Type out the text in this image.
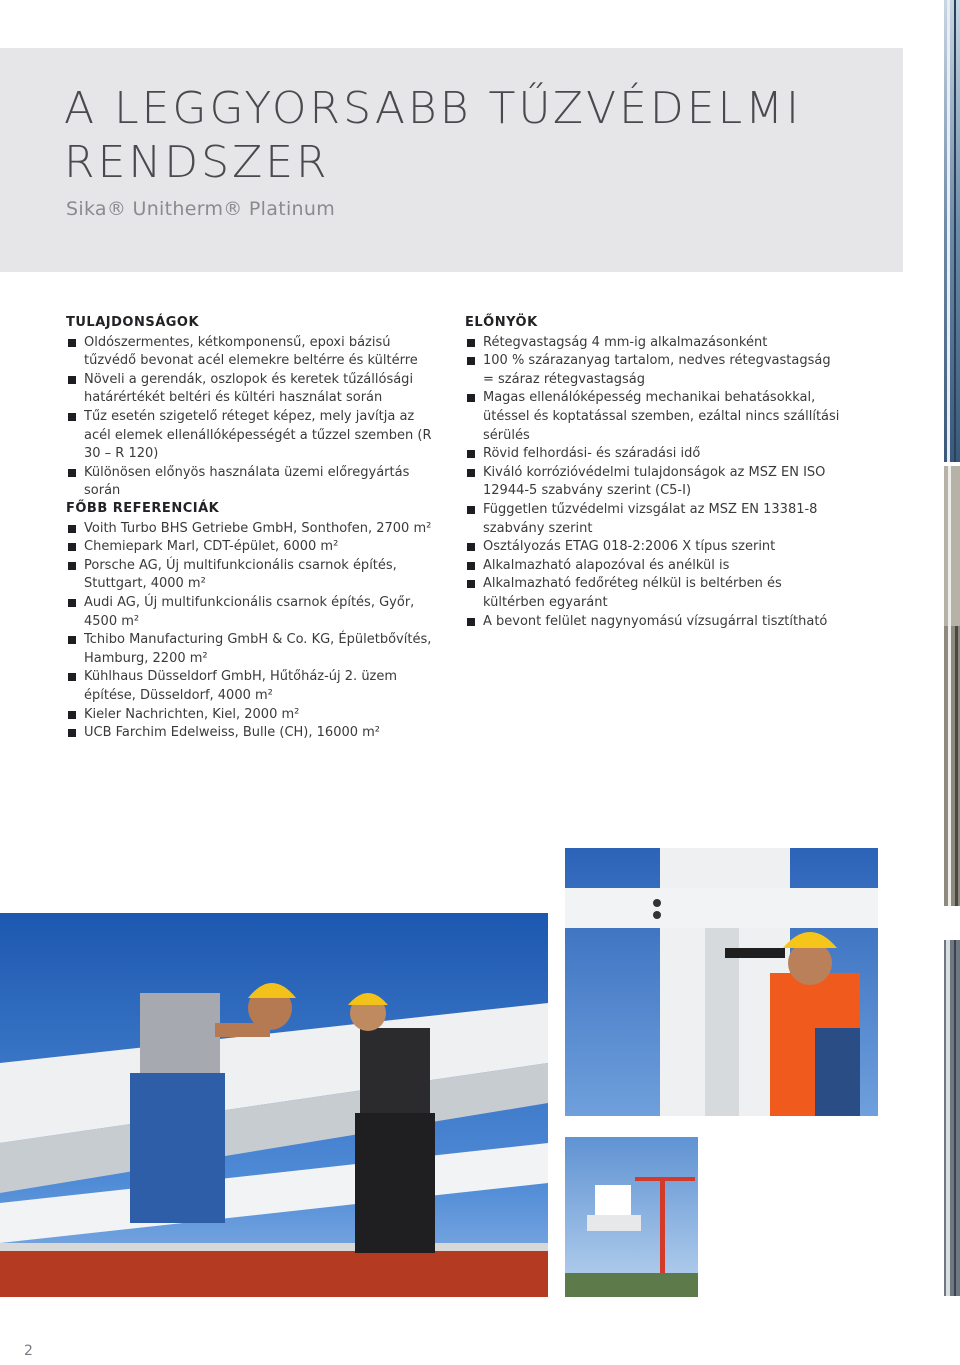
A LEGGYORSABB TŰZVÉDELMI
RENDSZER

Sika® Unitherm® Platinum

TULAJDONSÁGOK
Oldószermentes, kétkomponensű, epoxi bázisú tűzvédő bevonat acél elemekre beltérre és kültérre
Növeli a gerendák, oszlopok és keretek tűzállósági határértékét beltéri és kültéri használat során
Tűz esetén szigetelő réteget képez, mely javítja az acél elemek ellenállóképességét a tűzzel szemben (R 30 – R 120)
Különösen előnyös használata üzemi előregyártás során
FŐBB REFERENCIÁK
Voith Turbo BHS Getriebe GmbH, Sonthofen, 2700 m²
Chemiepark Marl, CDT-épület, 6000 m²
Porsche AG, Új multifunkcionális csarnok építés, Stuttgart, 4000 m²
Audi AG, Új multifunkcionális csarnok építés, Győr, 4500 m²
Tchibo Manufacturing GmbH & Co. KG, Épületbővítés, Hamburg, 2200 m²
Kühlhaus Düsseldorf GmbH, Hűtőház-új 2. üzem építése, Düsseldorf, 4000 m²
Kieler Nachrichten, Kiel, 2000 m²
UCB Farchim Edelweiss, Bulle (CH), 16000 m²
ELŐNYÖK
Rétegvastagság 4 mm-ig alkalmazásonként
100 % szárazanyag tartalom, nedves rétegvastagság = száraz rétegvastagság
Magas ellenálóképesség mechanikai behatásokkal, ütéssel és koptatással szemben, ezáltal nincs szállítási sérülés
Rövid felhordási- és száradási idő
Kiváló korrózióvédelmi tulajdonságok az MSZ EN ISO 12944-5 szabvány szerint (C5-I)
Független tűzvédelmi vizsgálat az MSZ EN 13381-8 szabvány szerint
Osztályozás ETAG 018-2:2006 X típus szerint
Alkalmazható alapozóval és anélkül is
Alkalmazható fedőréteg nélkül is beltérben és kültérben egyaránt
A bevont felület nagynyomású vízsugárral tisztítható
2
